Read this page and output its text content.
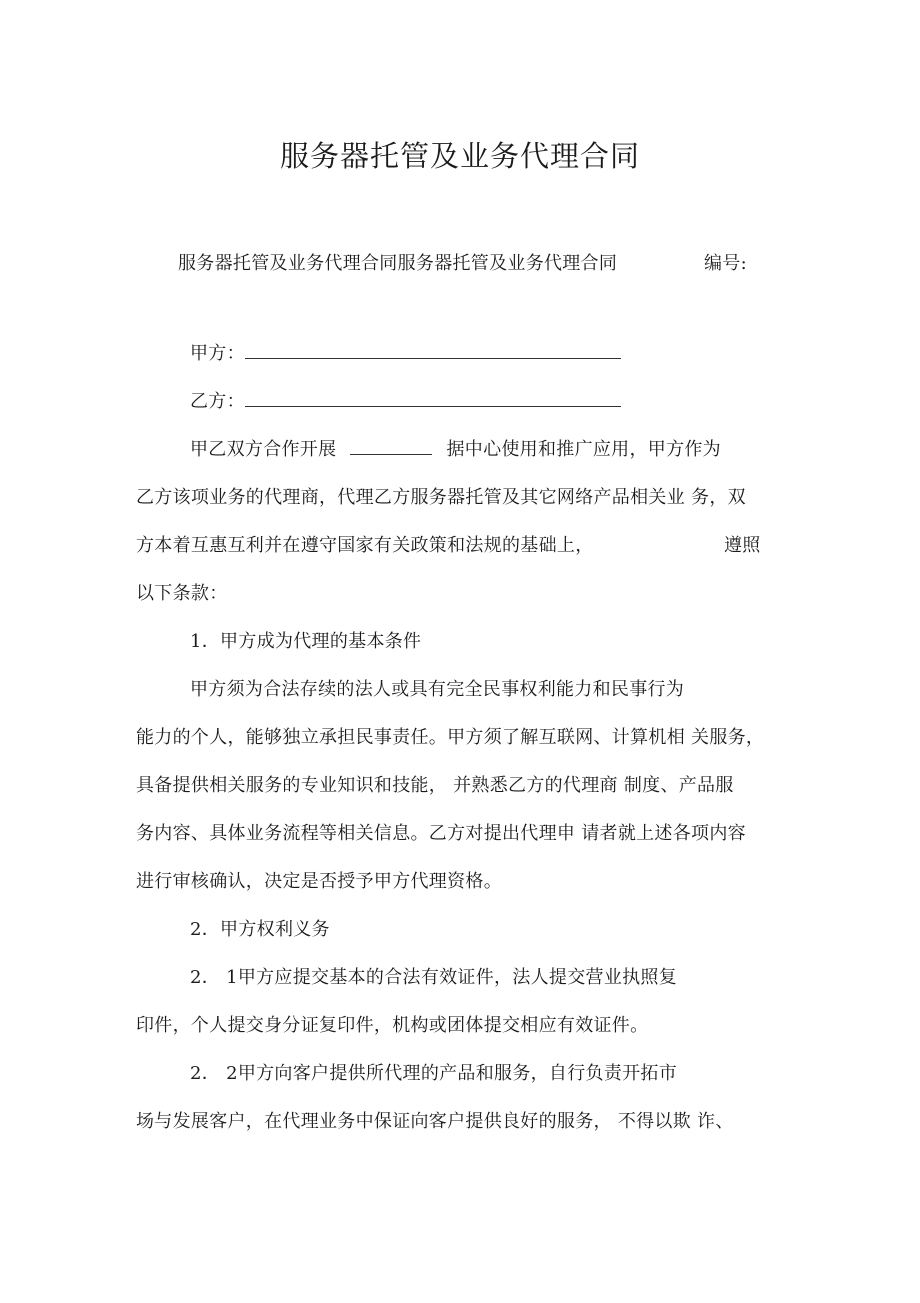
服务器托管及业务代理合同
服务器托管及业务代理合同服务器托管及业务代理合同	编号:
甲方：
乙方：
甲乙双方合作开展	据中心使用和推广应用，甲方作为
乙方该项业务的代理商，代理乙方服务器托管及其它网络产品相关业 务，双
方本着互惠互利并在遵守国家有关政策和法规的基础上，	遵照
以下条款：
1．甲方成为代理的基本条件
甲方须为合法存续的法人或具有完全民事权利能力和民事行为
能力的个人，能够独立承担民事责任。甲方须了解互联网、计算机相 关服务，
具备提供相关服务的专业知识和技能， 并熟悉乙方的代理商 制度、产品服
务内容、具体业务流程等相关信息。乙方对提出代理申 请者就上述各项内容
进行审核确认，决定是否授予甲方代理资格。
2．甲方权利义务
2． 1甲方应提交基本的合法有效证件，法人提交营业执照复
印件，个人提交身分证复印件，机构或团体提交相应有效证件。
2． 2甲方向客户提供所代理的产品和服务，自行负责开拓市
场与发展客户，在代理业务中保证向客户提供良好的服务， 不得以欺 诈、
